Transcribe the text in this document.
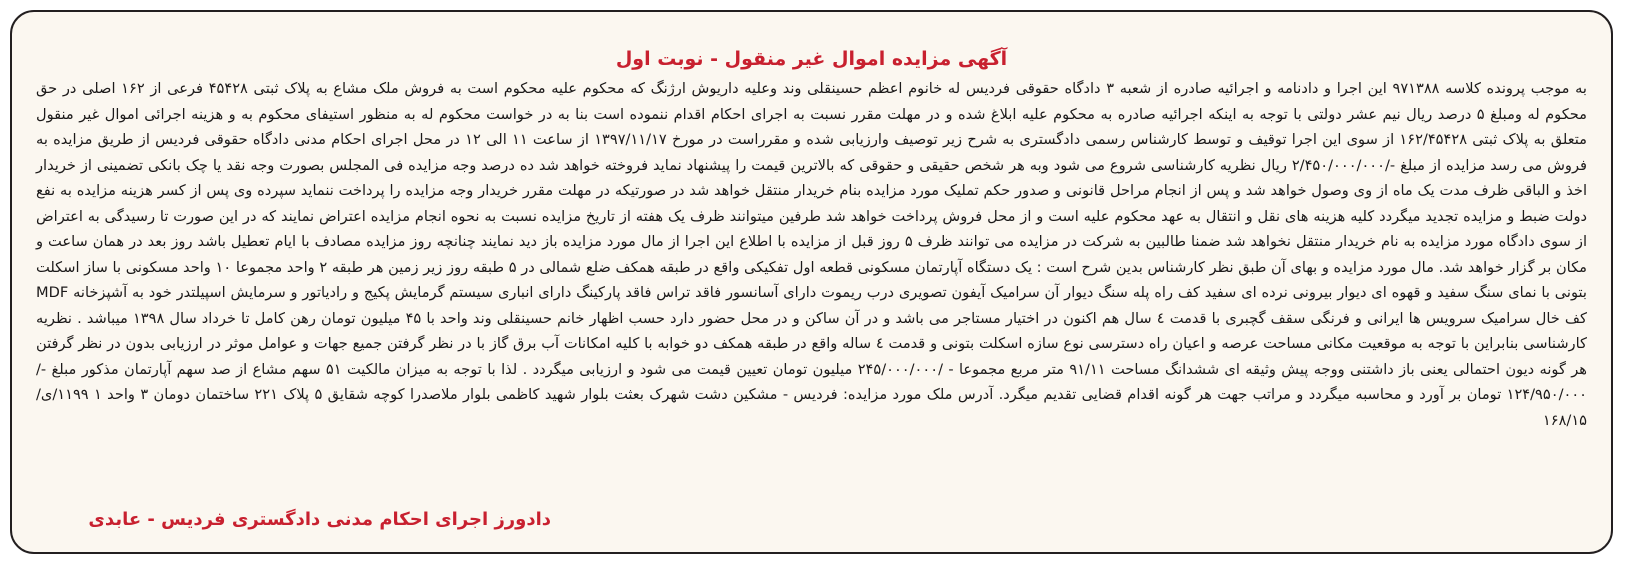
آگهی مزایده اموال غیر منقول - نوبت اول

به موجب پرونده کلاسه ۹۷۱۳۸۸ این اجرا و دادنامه و اجرائیه صادره از شعبه ۳ دادگاه حقوقی فردیس له خانوم اعظم حسینقلی وند وعلیه داریوش ارژنگ که محکوم علیه محکوم است به فروش ملک مشاع به پلاک ثبتی ۴۵۴۲۸ فرعی از ۱۶۲ اصلی در حق محکوم له ومبلغ ۵ درصد ریال نیم عشر دولتی با توجه به اینکه اجرائیه صادره به محکوم علیه ابلاغ شده و در مهلت مقرر نسبت به اجرای احکام اقدام ننموده است بنا به در خواست محکوم له به منظور استیفای محکوم به و هزینه اجرائی اموال غیر منقول متعلق به پلاک ثبتی ۱۶۲/۴۵۴۲۸ از سوی این اجرا توقیف و توسط کارشناس رسمی دادگستری به شرح زیر توصیف وارزیابی شده و مقرراست در مورخ ۱۳۹۷/۱۱/۱۷ از ساعت ۱۱ الی ۱۲ در محل اجرای احکام مدنی دادگاه حقوقی فردیس از طریق مزایده به فروش می رسد مزایده از مبلغ -/۲/۴۵۰/۰۰۰/۰۰۰ ریال نظریه کارشناسی شروع می شود وبه هر شخص حقیقی و حقوقی که بالاترین قیمت را پیشنهاد نماید فروخته خواهد شد ده درصد وجه مزایده فی المجلس بصورت وجه نقد یا چک بانکی تضمینی از خریدار اخذ و الباقی ظرف مدت یک ماه از وی وصول خواهد شد و پس از انجام مراحل قانونی و صدور حکم تملیک مورد مزایده بنام خریدار منتقل خواهد شد در صورتیکه در مهلت مقرر خریدار وجه مزایده را پرداخت ننماید سپرده وی پس از کسر هزینه مزایده به نفع دولت ضبط و مزایده تجدید میگردد کلیه هزینه های نقل و انتقال به عهد محکوم علیه است و از محل فروش پرداخت خواهد شد طرفین میتوانند ظرف یک هفته از تاریخ مزایده نسبت به نحوه انجام مزایده اعتراض نمایند که در این صورت تا رسیدگی به اعتراض از سوی دادگاه مورد مزایده به نام خریدار منتقل نخواهد شد ضمنا طالبین به شرکت در مزایده می توانند ظرف ۵ روز قبل از مزایده با اطلاع این اجرا از مال مورد مزایده باز دید نمایند چنانچه روز مزایده مصادف با ایام تعطیل باشد روز بعد در همان ساعت و مکان بر گزار خواهد شد. مال مورد مزایده و بهای آن طبق نظر کارشناس بدین شرح است : یک دستگاه آپارتمان مسکونی قطعه اول تفکیکی واقع در طبقه همکف ضلع شمالی در ۵ طبقه روز زیر زمین هر طبقه ۲ واحد مجموعا ۱۰ واحد مسکونی با ساز اسکلت بتونی با نمای سنگ سفید و قهوه ای دیوار بیرونی نرده ای سفید کف راه پله سنگ دیوار آن سرامیک آیفون تصویری درب ریموت دارای آسانسور فاقد تراس فاقد پارکینگ دارای انباری سیستم گرمایش پکیج و رادیاتور و سرمایش اسپیلتدر خود به آشپزخانه MDF کف خال سرامیک سرویس ها ایرانی و فرنگی سقف گچبری با قدمت ٤ سال هم اکنون در اختیار مستاجر می باشد و در آن ساکن و در محل حضور دارد حسب اظهار خانم حسینقلی وند واحد با ۴۵ میلیون تومان رهن کامل تا خرداد سال ۱۳۹۸ میباشد . نظریه کارشناسی بنابراین با توجه به موقعیت مکانی مساحت عرصه و اعیان راه دسترسی نوع سازه اسکلت بتونی و قدمت ٤ ساله واقع در طبقه همکف دو خوابه با کلیه امکانات آب برق گاز با در نظر گرفتن جمیع جهات و عوامل موثر در ارزیابی بدون در نظر گرفتن هر گونه دیون احتمالی یعنی باز داشتنی ووجه پیش وثیقه ای ششدانگ مساحت ۹۱/۱۱ متر مربع مجموعا - /۲۴۵/۰۰۰/۰۰۰ میلیون تومان تعیین قیمت می شود و ارزیابی میگردد . لذا با توجه به میزان مالکیت ۵۱ سهم مشاع از صد سهم آپارتمان مذکور مبلغ -/۱۲۴/۹۵۰/۰۰۰ تومان بر آورد و محاسبه میگردد و مراتب جهت هر گونه اقدام قضایی تقدیم میگرد. آدرس ملک مورد مزایده: فردیس - مشکین دشت شهرک بعثت بلوار شهید کاظمی بلوار ملاصدرا کوچه شقایق ۵ پلاک ۲۲۱ ساختمان دومان ۳ واحد ۱ ۱۱۹۹/ی/۱۶۸/۱۵

دادورز اجرای احکام مدنی دادگستری فردیس - عابدی
